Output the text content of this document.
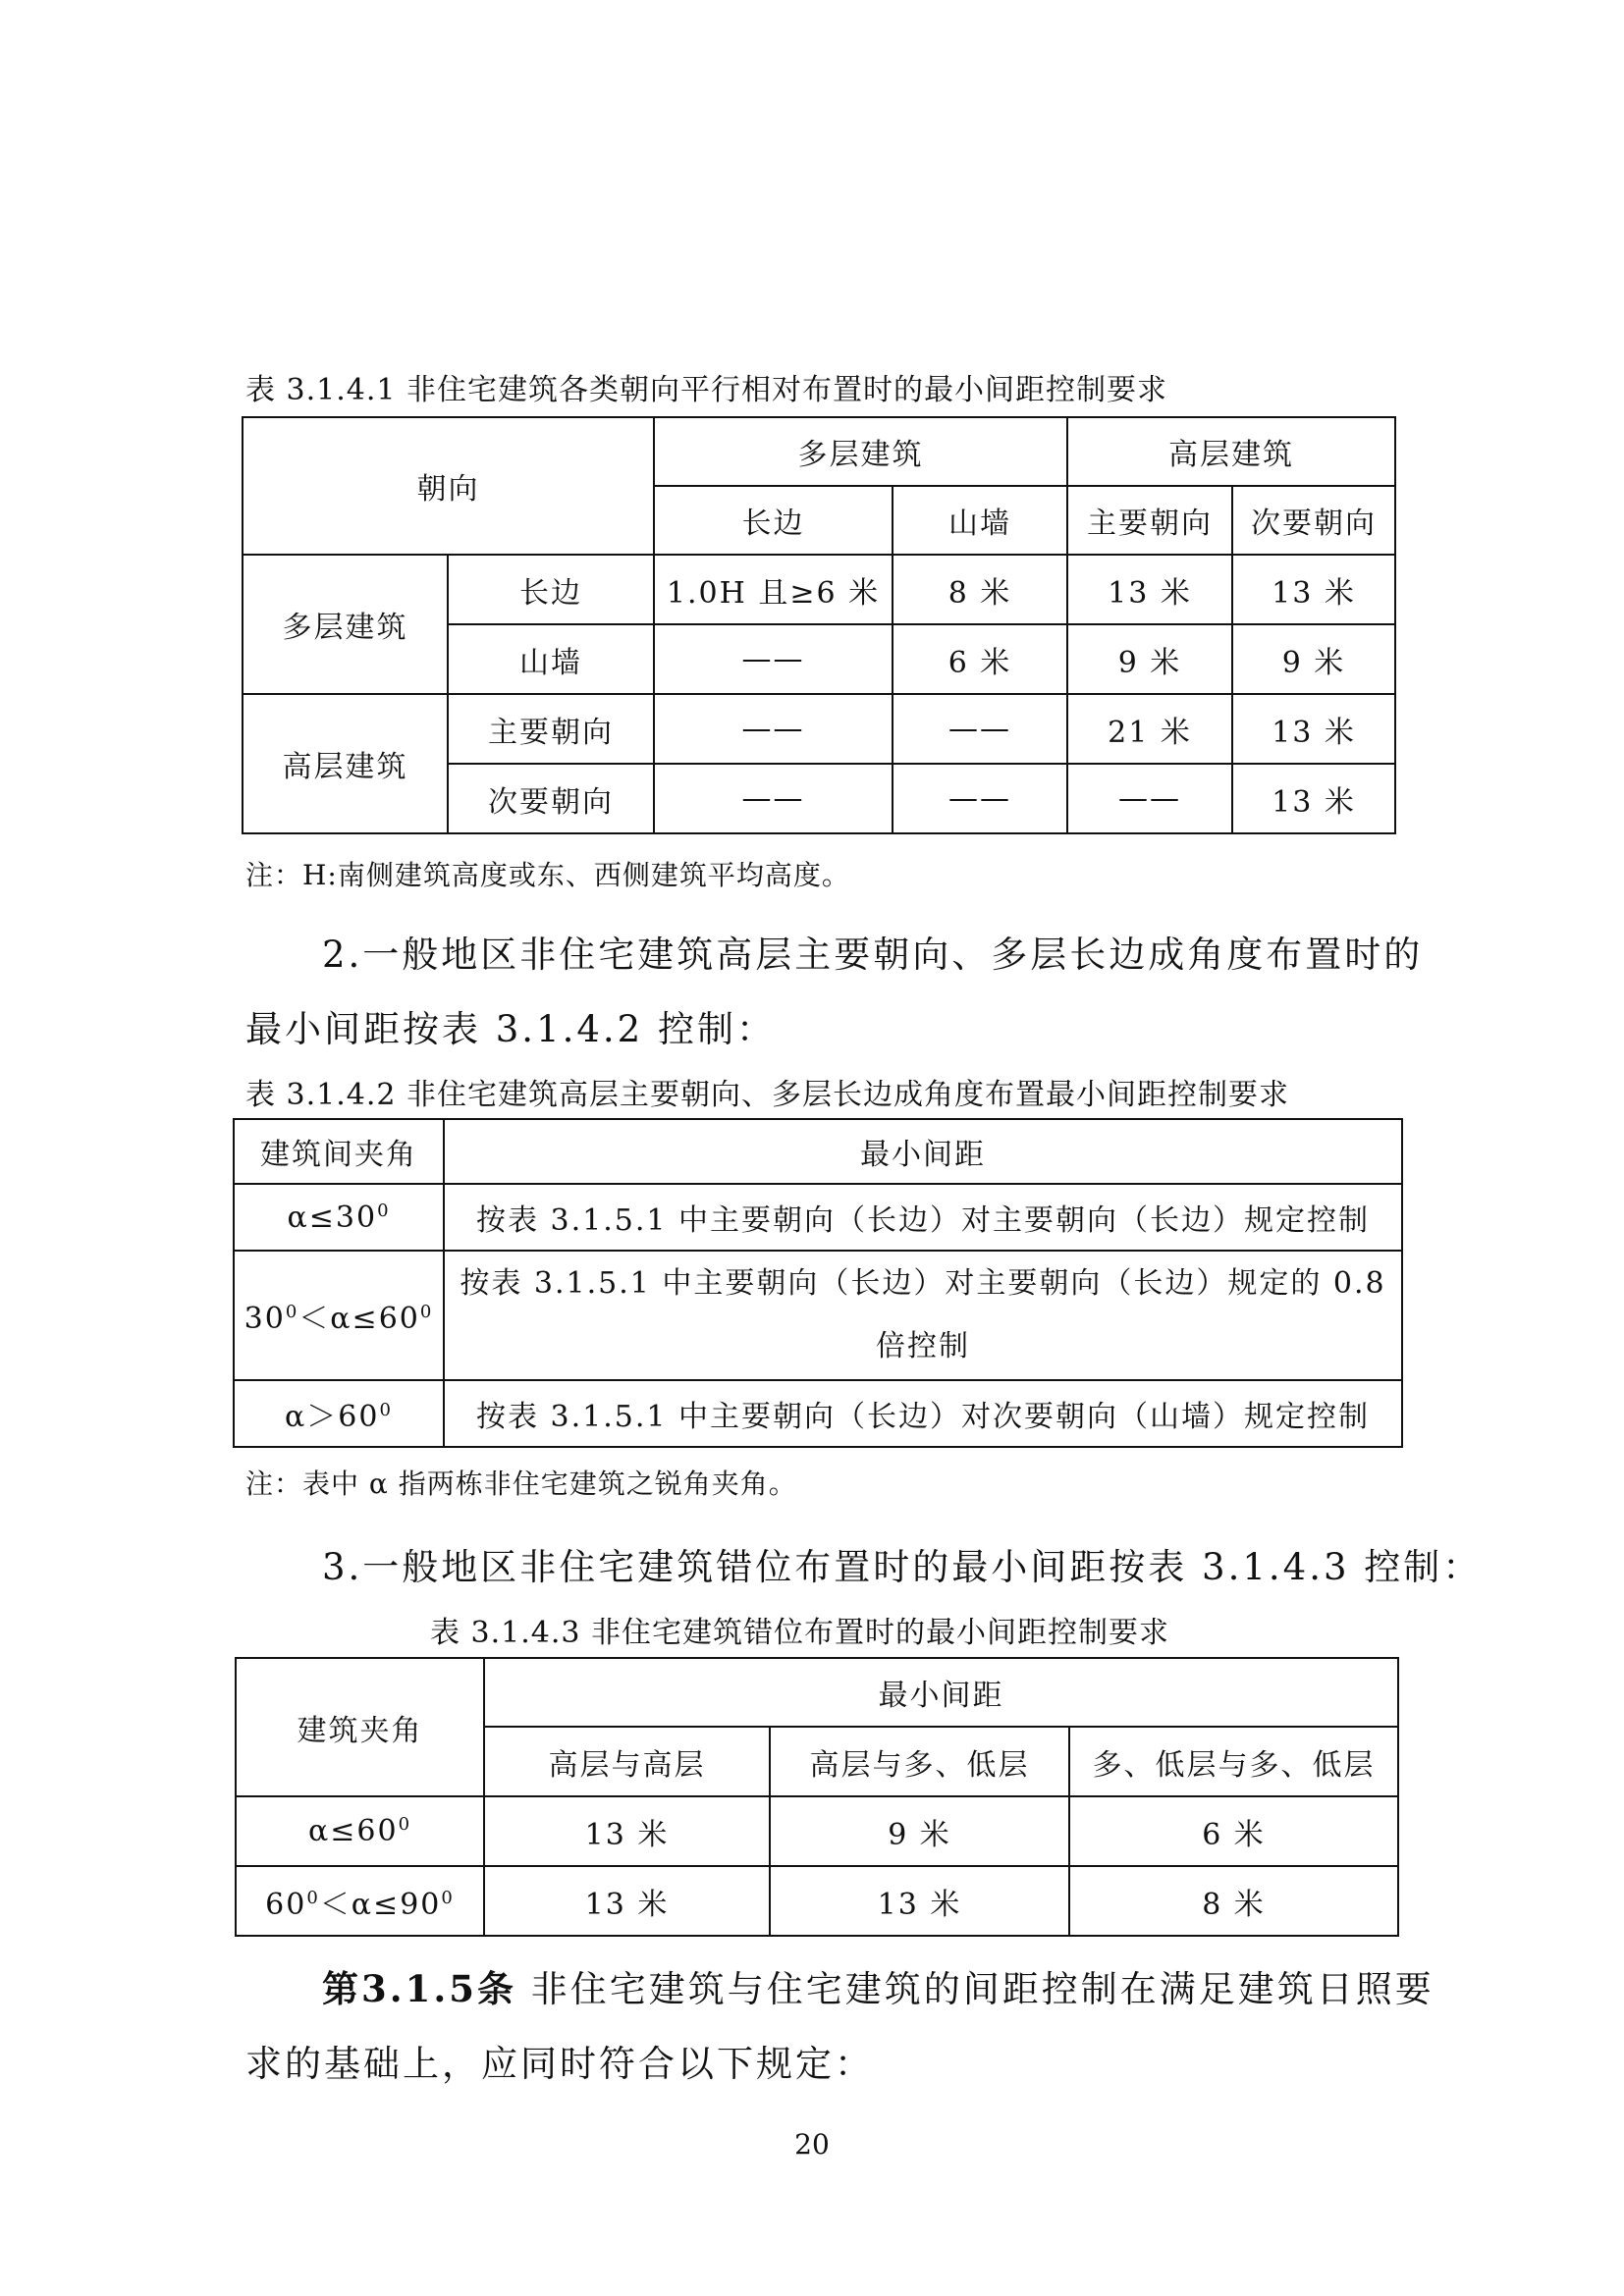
表 3.1.4.1 非住宅建筑各类朝向平行相对布置时的最小间距控制要求
朝向		多层建筑		高层建筑	
		长边	山墙	主要朝向	次要朝向
多层建筑	长边	1.0H 且≥6 米	8 米	13 米	13 米
	山墙	——	6 米	9 米	9 米
高层建筑	主要朝向	——	——	21 米	13 米
	次要朝向	——	——	——	13 米
注：H:南侧建筑高度或东、西侧建筑平均高度。
2.一般地区非住宅建筑高层主要朝向、多层长边成角度布置时的
最小间距按表 3.1.4.2 控制：
表 3.1.4.2 非住宅建筑高层主要朝向、多层长边成角度布置最小间距控制要求
建筑间夹角	最小间距
$\alpha\le 30^0$	按表 3.1.5.1 中主要朝向（长边）对主要朝向（长边）规定控制
$30^0<\alpha\le 60^0$	按表 3.1.5.1 中主要朝向（长边）对主要朝向（长边）规定的 0.8
倍控制

$\alpha>60^0$	按表 3.1.5.1 中主要朝向（长边）对次要朝向（山墙）规定控制
注：表中 α 指两栋非住宅建筑之锐角夹角。
3.一般地区非住宅建筑错位布置时的最小间距按表 3.1.4.3 控制：
表 3.1.4.3 非住宅建筑错位布置时的最小间距控制要求
建筑夹角	最小间距		
	高层与高层	高层与多、低层	多、低层与多、低层
$\alpha\le 60^0$	13 米	9 米	6 米
$60^0<\alpha\le 90^0$	13 米	13 米	8 米
第3.1.5条 非住宅建筑与住宅建筑的间距控制在满足建筑日照要
求的基础上，应同时符合以下规定：
20
